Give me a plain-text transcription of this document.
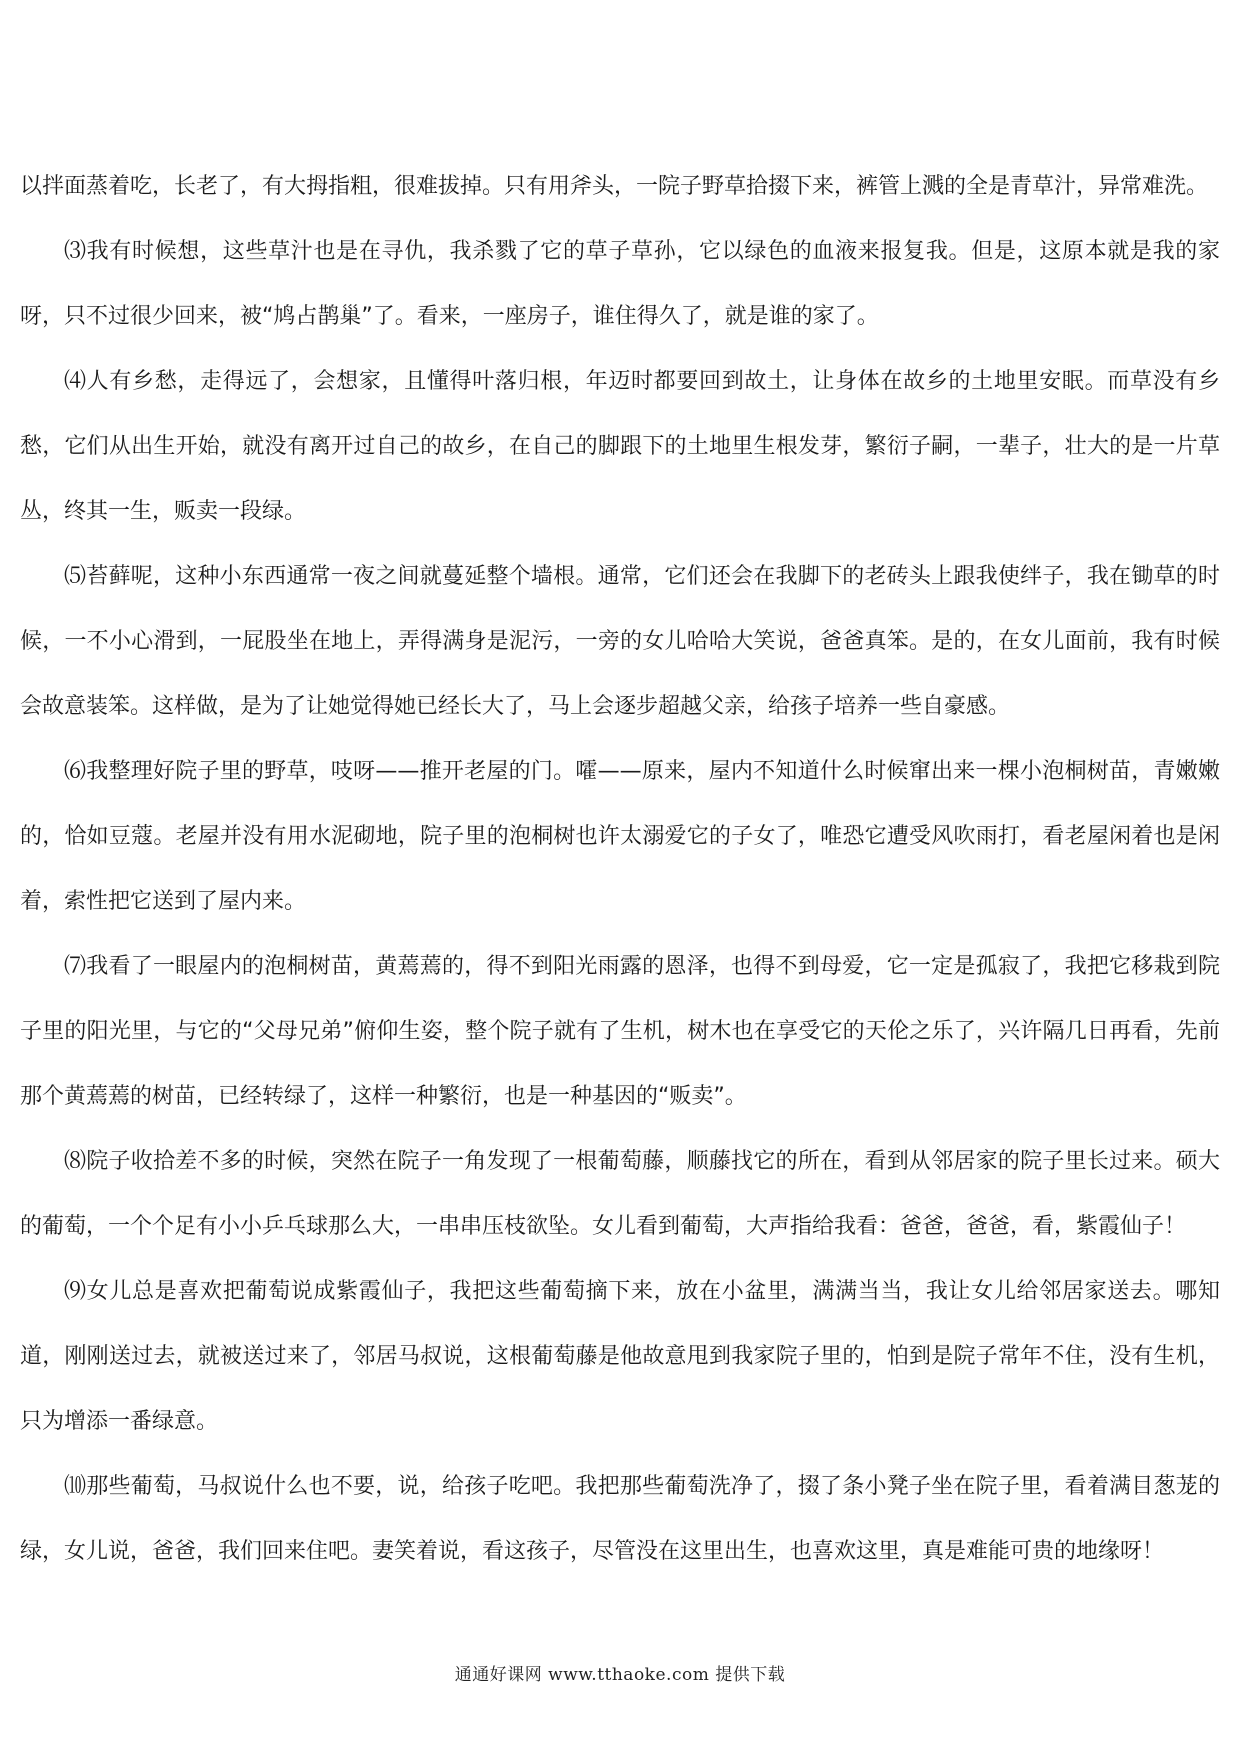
以拌面蒸着吃，长老了，有大拇指粗，很难拔掉。只有用斧头，一院子野草拾掇下来，裤管上溅的全是青草汁，异常难洗。

⑶我有时候想，这些草汁也是在寻仇，我杀戮了它的草子草孙，它以绿色的血液来报复我。但是，这原本就是我的家呀，只不过很少回来，被“鸠占鹊巢”了。看来，一座房子，谁住得久了，就是谁的家了。

⑷人有乡愁，走得远了，会想家，且懂得叶落归根，年迈时都要回到故土，让身体在故乡的土地里安眠。而草没有乡愁，它们从出生开始，就没有离开过自己的故乡，在自己的脚跟下的土地里生根发芽，繁衍子嗣，一辈子，壮大的是一片草丛，终其一生，贩卖一段绿。

⑸苔藓呢，这种小东西通常一夜之间就蔓延整个墙根。通常，它们还会在我脚下的老砖头上跟我使绊子，我在锄草的时候，一不小心滑到，一屁股坐在地上，弄得满身是泥污，一旁的女儿哈哈大笑说，爸爸真笨。是的，在女儿面前，我有时候会故意装笨。这样做，是为了让她觉得她已经长大了，马上会逐步超越父亲，给孩子培养一些自豪感。

⑹我整理好院子里的野草，吱呀——推开老屋的门。嚯——原来，屋内不知道什么时候窜出来一棵小泡桐树苗，青嫩嫩的，恰如豆蔻。老屋并没有用水泥砌地，院子里的泡桐树也许太溺爱它的子女了，唯恐它遭受风吹雨打，看老屋闲着也是闲着，索性把它送到了屋内来。

⑺我看了一眼屋内的泡桐树苗，黄蔫蔫的，得不到阳光雨露的恩泽，也得不到母爱，它一定是孤寂了，我把它移栽到院子里的阳光里，与它的“父母兄弟”俯仰生姿，整个院子就有了生机，树木也在享受它的天伦之乐了，兴许隔几日再看，先前那个黄蔫蔫的树苗，已经转绿了，这样一种繁衍，也是一种基因的“贩卖”。

⑻院子收拾差不多的时候，突然在院子一角发现了一根葡萄藤，顺藤找它的所在，看到从邻居家的院子里长过来。硕大的葡萄，一个个足有小小乒乓球那么大，一串串压枝欲坠。女儿看到葡萄，大声指给我看：爸爸，爸爸，看，紫霞仙子！

⑼女儿总是喜欢把葡萄说成紫霞仙子，我把这些葡萄摘下来，放在小盆里，满满当当，我让女儿给邻居家送去。哪知道，刚刚送过去，就被送过来了，邻居马叔说，这根葡萄藤是他故意甩到我家院子里的，怕到是院子常年不住，没有生机，只为增添一番绿意。

⑽那些葡萄，马叔说什么也不要，说，给孩子吃吧。我把那些葡萄洗净了，掇了条小凳子坐在院子里，看着满目葱茏的绿，女儿说，爸爸，我们回来住吧。妻笑着说，看这孩子，尽管没在这里出生，也喜欢这里，真是难能可贵的地缘呀！

通通好课网 www.tthaoke.com 提供下载
